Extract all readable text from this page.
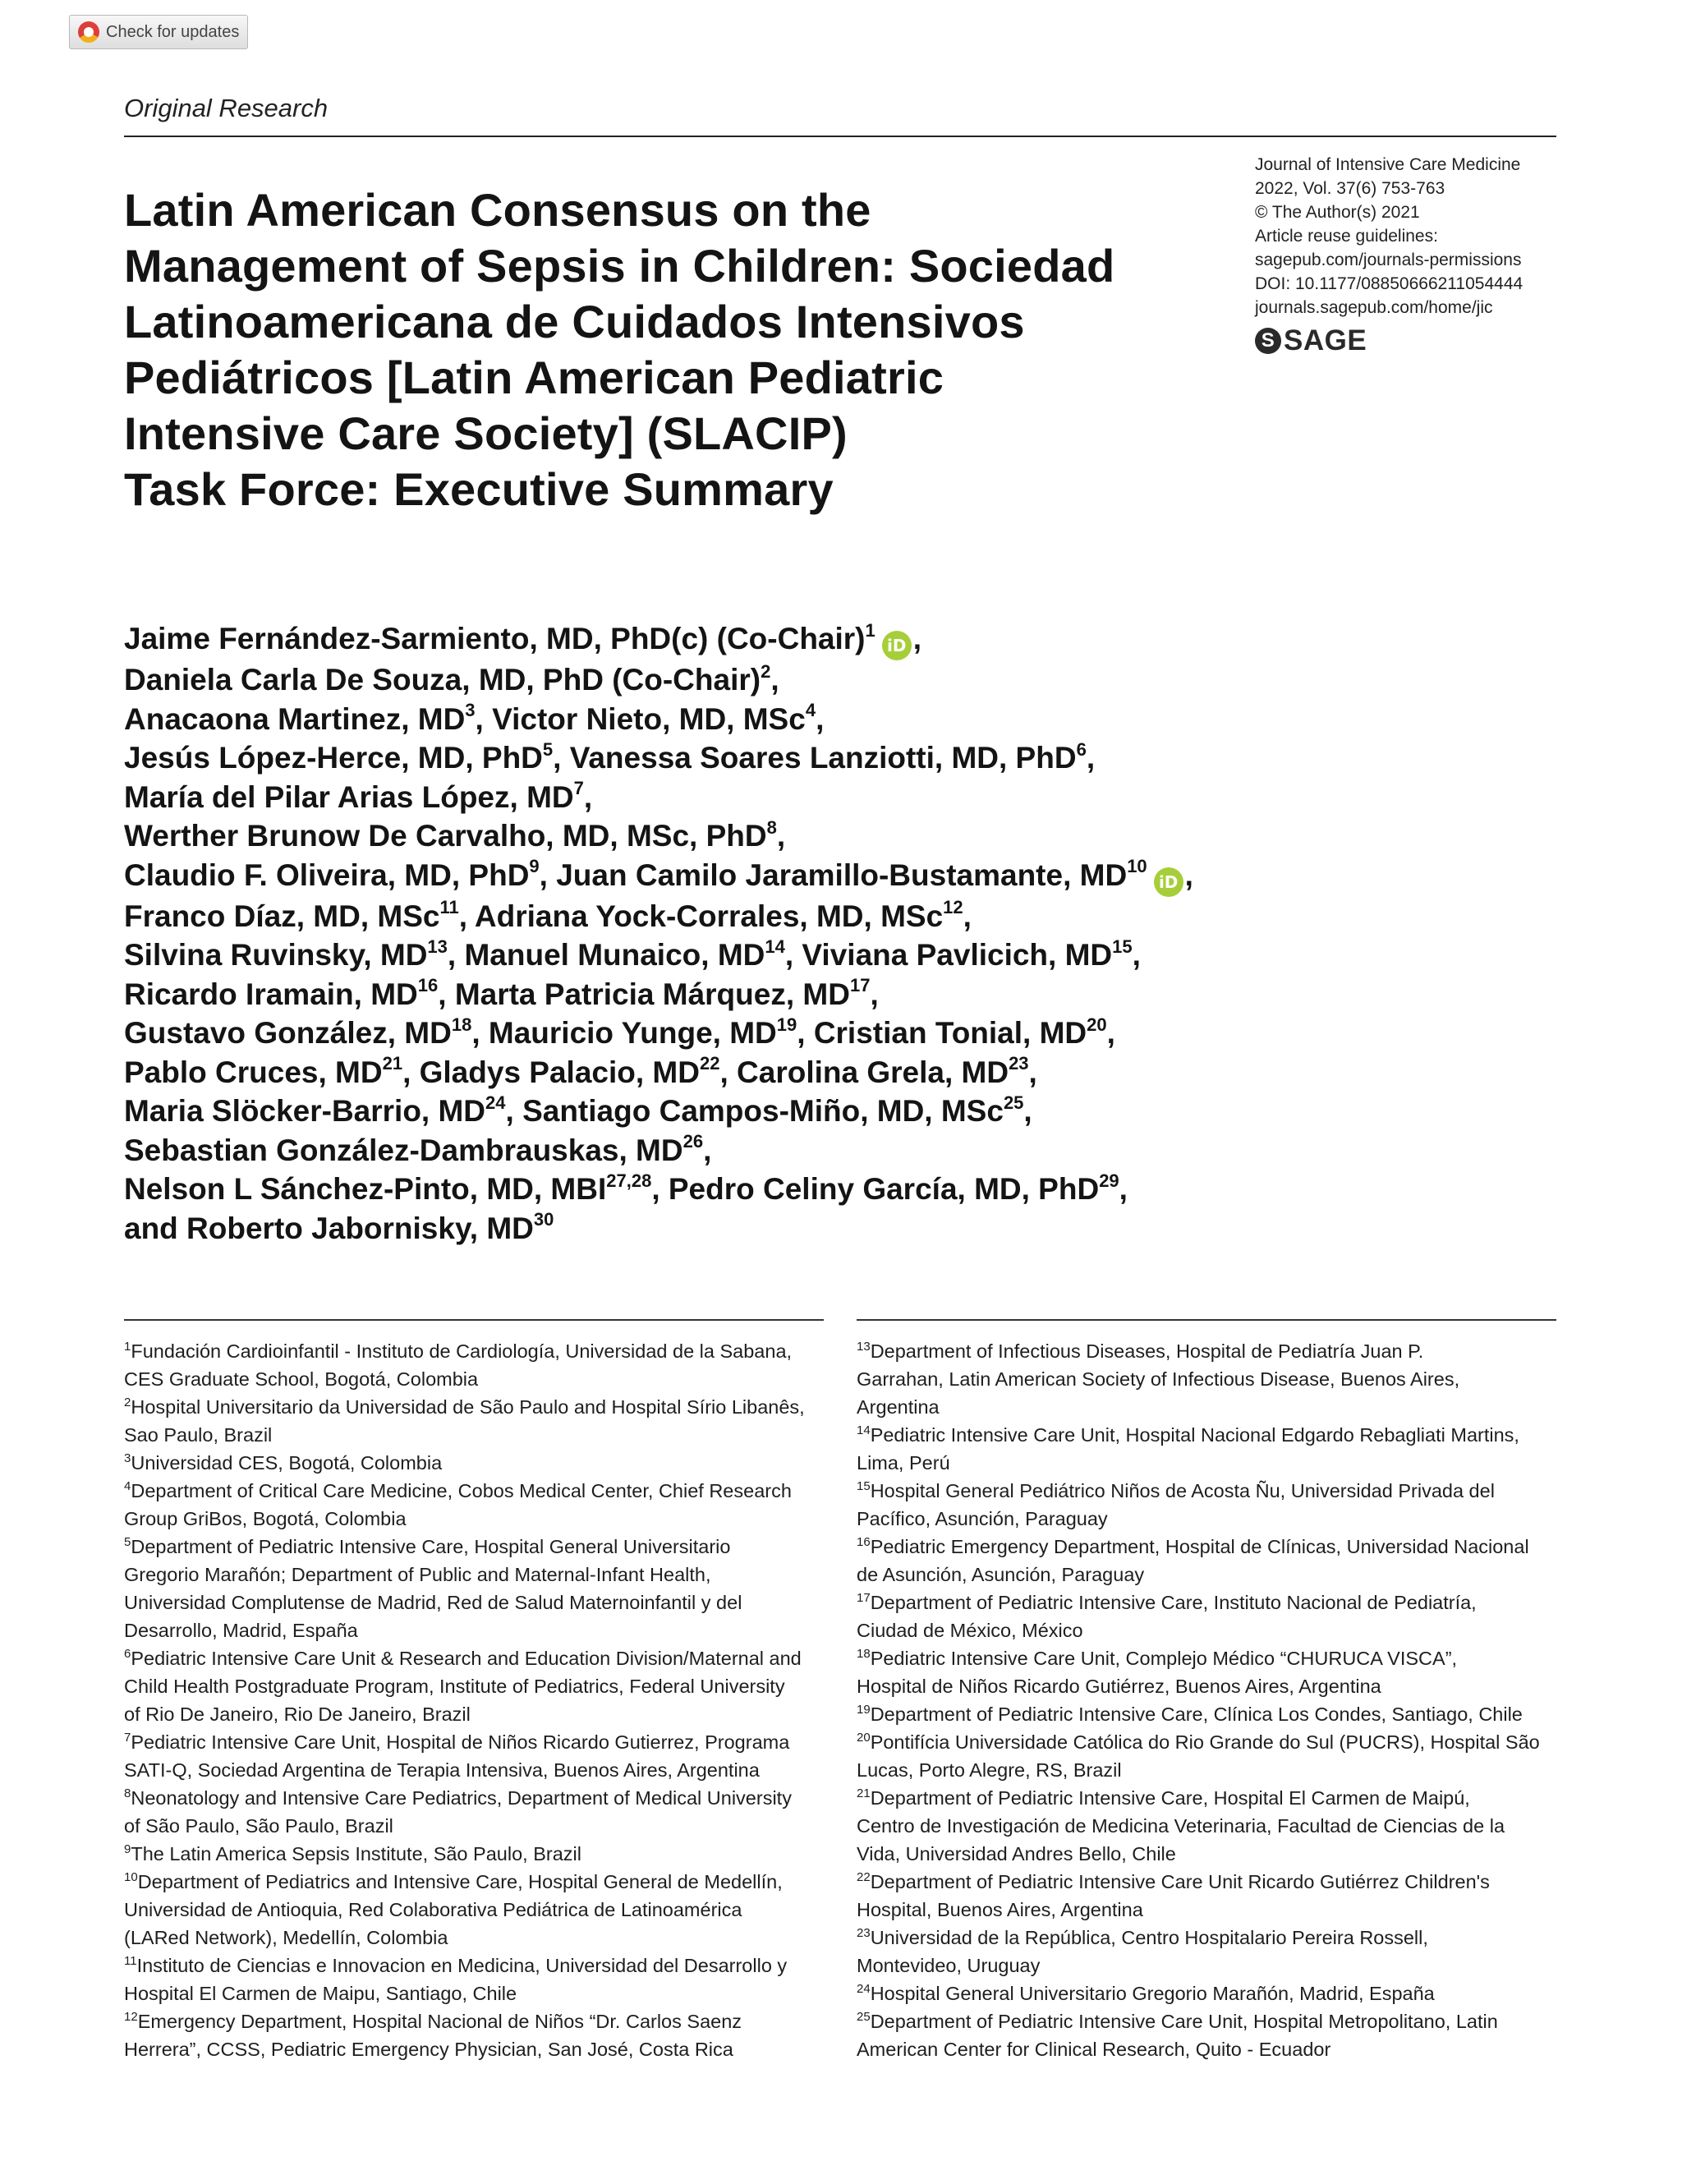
Check for updates
Original Research
Latin American Consensus on the
Management of Sepsis in Children: Sociedad
Latinoamericana de Cuidados Intensivos
Pediátricos [Latin American Pediatric
Intensive Care Society] (SLACIP)
Task Force: Executive Summary
Journal of Intensive Care Medicine
2022, Vol. 37(6) 753-763
© The Author(s) 2021
Article reuse guidelines:
sagepub.com/journals-permissions
DOI: 10.1177/08850666211054444
journals.sagepub.com/home/jic
S SAGE
Jaime Fernández-Sarmiento, MD, PhD(c) (Co-Chair)$^1$iD ,
Daniela Carla De Souza, MD, PhD (Co-Chair)$^2$,
Anacaona Martinez, $MD^3$, Victor Nieto, MD, MSc$^4$,
Jesús López-Herce, MD, PhD$^5$, Vanessa Soares Lanziotti, MD, PhD$^6$,
María del Pilar Arias López, $MD^7$,
Werther Brunow De Carvalho, MD, MSc, PhD$^8$,
Claudio F. Oliveira, MD, PhD$^9$, Juan Camilo Jaramillo-Bustamante, MD$^{10}$iD ,
Franco Díaz, MD, MSc$^{11}$, Adriana Yock-Corrales, MD, MSc$^{12}$,
Silvina Ruvinsky, MD$^{13}$, Manuel Munaico, MD$^{14}$, Viviana Pavlicich, MD$^{15}$,
Ricardo Iramain, MD$^{16}$, Marta Patricia Márquez, MD$^{17}$,
Gustavo González, MD$^{18}$, Mauricio Yunge, MD$^{19}$, Cristian Tonial, MD$^{20}$,
Pablo Cruces, MD$^{21}$, Gladys Palacio, MD$^{22}$, Carolina Grela, MD$^{23}$,
Maria Slöcker-Barrio, MD$^{24}$, Santiago Campos-Miño, MD, MSc$^{25}$,
Sebastian González-Dambrauskas, MD$^{26}$,
Nelson L Sánchez-Pinto, MD, MBI$^{27,28}$, Pedro Celiny García, MD, PhD$^{29}$,
and Roberto Jabornisky, MD$^{30}$

$^1$Fundación Cardioinfantil - Instituto de Cardiología, Universidad de la Sabana,
CES Graduate School, Bogotá, Colombia

$^2$Hospital Universitario da Universidad de São Paulo and Hospital Sírio Libanês,
Sao Paulo, Brazil

$^3$Universidad CES, Bogotá, Colombia

$^4$Department of Critical Care Medicine, Cobos Medical Center, Chief Research
Group GriBos, Bogotá, Colombia

$^5$Department of Pediatric Intensive Care, Hospital General Universitario
Gregorio Marañón; Department of Public and Maternal-Infant Health,
Universidad Complutense de Madrid, Red de Salud Maternoinfantil y del
Desarrollo, Madrid, España

$^6$Pediatric Intensive Care Unit & Research and Education Division/Maternal and
Child Health Postgraduate Program, Institute of Pediatrics, Federal University
of Rio De Janeiro, Rio De Janeiro, Brazil

$^7$Pediatric Intensive Care Unit, Hospital de Niños Ricardo Gutierrez, Programa
SATI-Q, Sociedad Argentina de Terapia Intensiva, Buenos Aires, Argentina

$^8$Neonatology and Intensive Care Pediatrics, Department of Medical University
of São Paulo, São Paulo, Brazil

$^9$The Latin America Sepsis Institute, São Paulo, Brazil

$^{10}$Department of Pediatrics and Intensive Care, Hospital General de Medellín,
Universidad de Antioquia, Red Colaborativa Pediátrica de Latinoamérica
(LARed Network), Medellín, Colombia

$^{11}$Instituto de Ciencias e Innovacion en Medicina, Universidad del Desarrollo y
Hospital El Carmen de Maipu, Santiago, Chile

$^{12}$Emergency Department, Hospital Nacional de Niños “Dr. Carlos Saenz
Herrera”, CCSS, Pediatric Emergency Physician, San José, Costa Rica

$^{13}$Department of Infectious Diseases, Hospital de Pediatría Juan P.
Garrahan, Latin American Society of Infectious Disease, Buenos Aires,
Argentina

$^{14}$Pediatric Intensive Care Unit, Hospital Nacional Edgardo Rebagliati Martins,
Lima, Perú

$^{15}$Hospital General Pediátrico Niños de Acosta Ñu, Universidad Privada del
Pacífico, Asunción, Paraguay

$^{16}$Pediatric Emergency Department, Hospital de Clínicas, Universidad Nacional
de Asunción, Asunción, Paraguay

$^{17}$Department of Pediatric Intensive Care, Instituto Nacional de Pediatría,
Ciudad de México, México

$^{18}$Pediatric Intensive Care Unit, Complejo Médico “CHURUCA VISCA”,
Hospital de Niños Ricardo Gutiérrez, Buenos Aires, Argentina

$^{19}$Department of Pediatric Intensive Care, Clínica Los Condes, Santiago, Chile

$^{20}$Pontifícia Universidade Católica do Rio Grande do Sul (PUCRS), Hospital São
Lucas, Porto Alegre, RS, Brazil

$^{21}$Department of Pediatric Intensive Care, Hospital El Carmen de Maipú,
Centro de Investigación de Medicina Veterinaria, Facultad de Ciencias de la
Vida, Universidad Andres Bello, Chile

$^{22}$Department of Pediatric Intensive Care Unit Ricardo Gutiérrez Children's
Hospital, Buenos Aires, Argentina

$^{23}$Universidad de la República, Centro Hospitalario Pereira Rossell,
Montevideo, Uruguay

$^{24}$Hospital General Universitario Gregorio Marañón, Madrid, España

$^{25}$Department of Pediatric Intensive Care Unit, Hospital Metropolitano, Latin
American Center for Clinical Research, Quito - Ecuador
